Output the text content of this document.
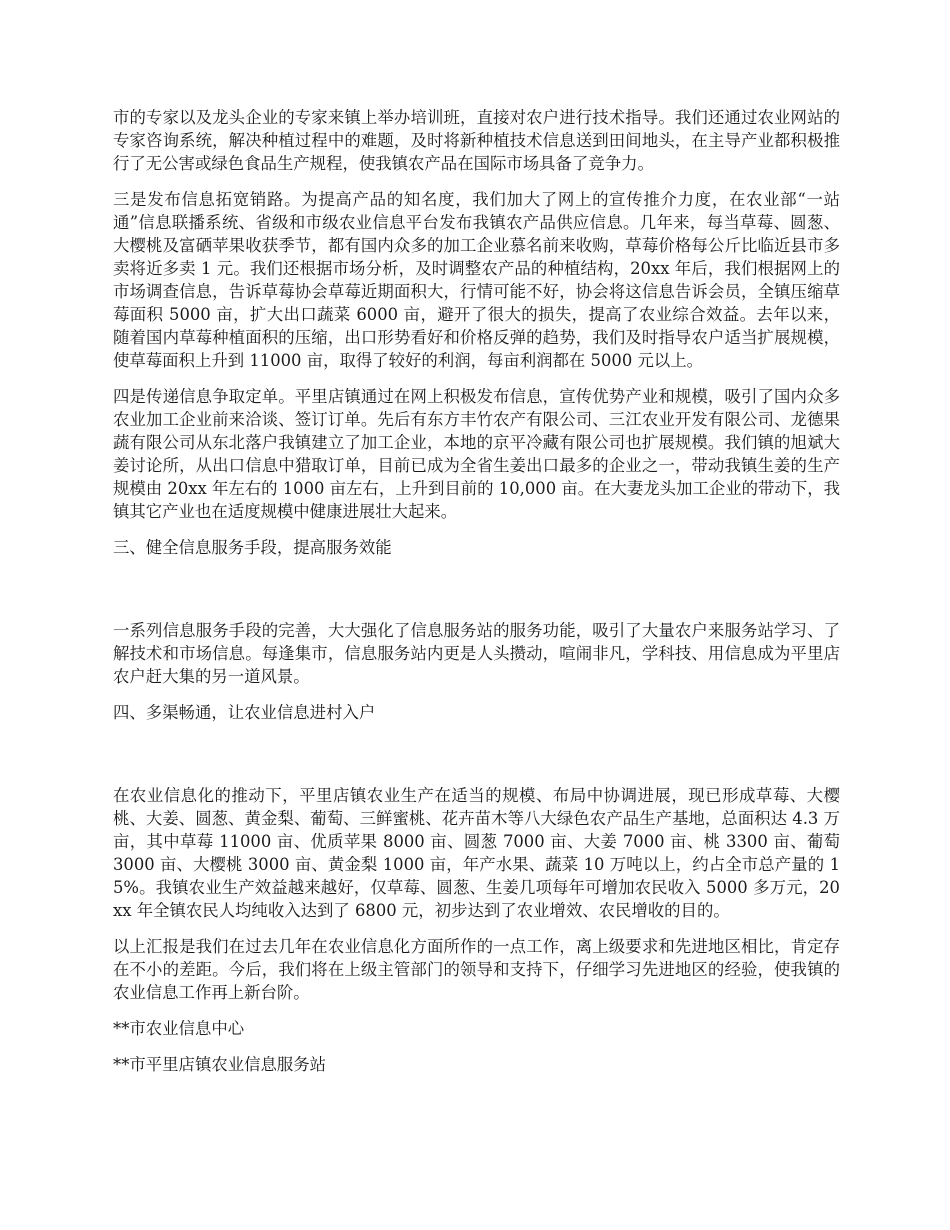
市的专家以及龙头企业的专家来镇上举办培训班，直接对农户进行技术指导。我们还通过农业网站的专家咨询系统，解决种植过程中的难题，及时将新种植技术信息送到田间地头，在主导产业都积极推行了无公害或绿色食品生产规程，使我镇农产品在国际市场具备了竞争力。

三是发布信息拓宽销路。为提高产品的知名度，我们加大了网上的宣传推介力度，在农业部“一站通”信息联播系统、省级和市级农业信息平台发布我镇农产品供应信息。几年来，每当草莓、圆葱、大樱桃及富硒苹果收获季节，都有国内众多的加工企业慕名前来收购，草莓价格每公斤比临近县市多卖将近多卖 1 元。我们还根据市场分析，及时调整农产品的种植结构，20xx 年后，我们根据网上的市场调查信息，告诉草莓协会草莓近期面积大，行情可能不好，协会将这信息告诉会员，全镇压缩草莓面积 5000 亩，扩大出口蔬菜 6000 亩，避开了很大的损失，提高了农业综合效益。去年以来，随着国内草莓种植面积的压缩，出口形势看好和价格反弹的趋势，我们及时指导农户适当扩展规模，使草莓面积上升到 11000 亩，取得了较好的利润，每亩利润都在 5000 元以上。

四是传递信息争取定单。平里店镇通过在网上积极发布信息，宣传优势产业和规模，吸引了国内众多农业加工企业前来洽谈、签订订单。先后有东方丰竹农产有限公司、三江农业开发有限公司、龙德果蔬有限公司从东北落户我镇建立了加工企业，本地的京平冷藏有限公司也扩展规模。我们镇的旭斌大姜讨论所，从出口信息中猎取订单，目前已成为全省生姜出口最多的企业之一，带动我镇生姜的生产规模由 20xx 年左右的 1000 亩左右，上升到目前的 10,000 亩。在大妻龙头加工企业的带动下，我镇其它产业也在适度规模中健康进展壮大起来。

三、健全信息服务手段，提高服务效能

一系列信息服务手段的完善，大大强化了信息服务站的服务功能，吸引了大量农户来服务站学习、了解技术和市场信息。每逢集市，信息服务站内更是人头攒动，喧闹非凡，学科技、用信息成为平里店农户赶大集的另一道风景。

四、多渠畅通，让农业信息进村入户

在农业信息化的推动下，平里店镇农业生产在适当的规模、布局中协调进展，现已形成草莓、大樱桃、大姜、圆葱、黄金梨、葡萄、三鲜蜜桃、花卉苗木等八大绿色农产品生产基地，总面积达 4.3 万亩，其中草莓 11000 亩、优质苹果 8000 亩、圆葱 7000 亩、大姜 7000 亩、桃 3300 亩、葡萄 3000 亩、大樱桃 3000 亩、黄金梨 1000 亩，年产水果、蔬菜 10 万吨以上，约占全市总产量的 15%。我镇农业生产效益越来越好，仅草莓、圆葱、生姜几项每年可增加农民收入 5000 多万元，20xx 年全镇农民人均纯收入达到了 6800 元，初步达到了农业增效、农民增收的目的。

以上汇报是我们在过去几年在农业信息化方面所作的一点工作，离上级要求和先进地区相比，肯定存在不小的差距。今后，我们将在上级主管部门的领导和支持下，仔细学习先进地区的经验，使我镇的农业信息工作再上新台阶。

**市农业信息中心

**市平里店镇农业信息服务站
